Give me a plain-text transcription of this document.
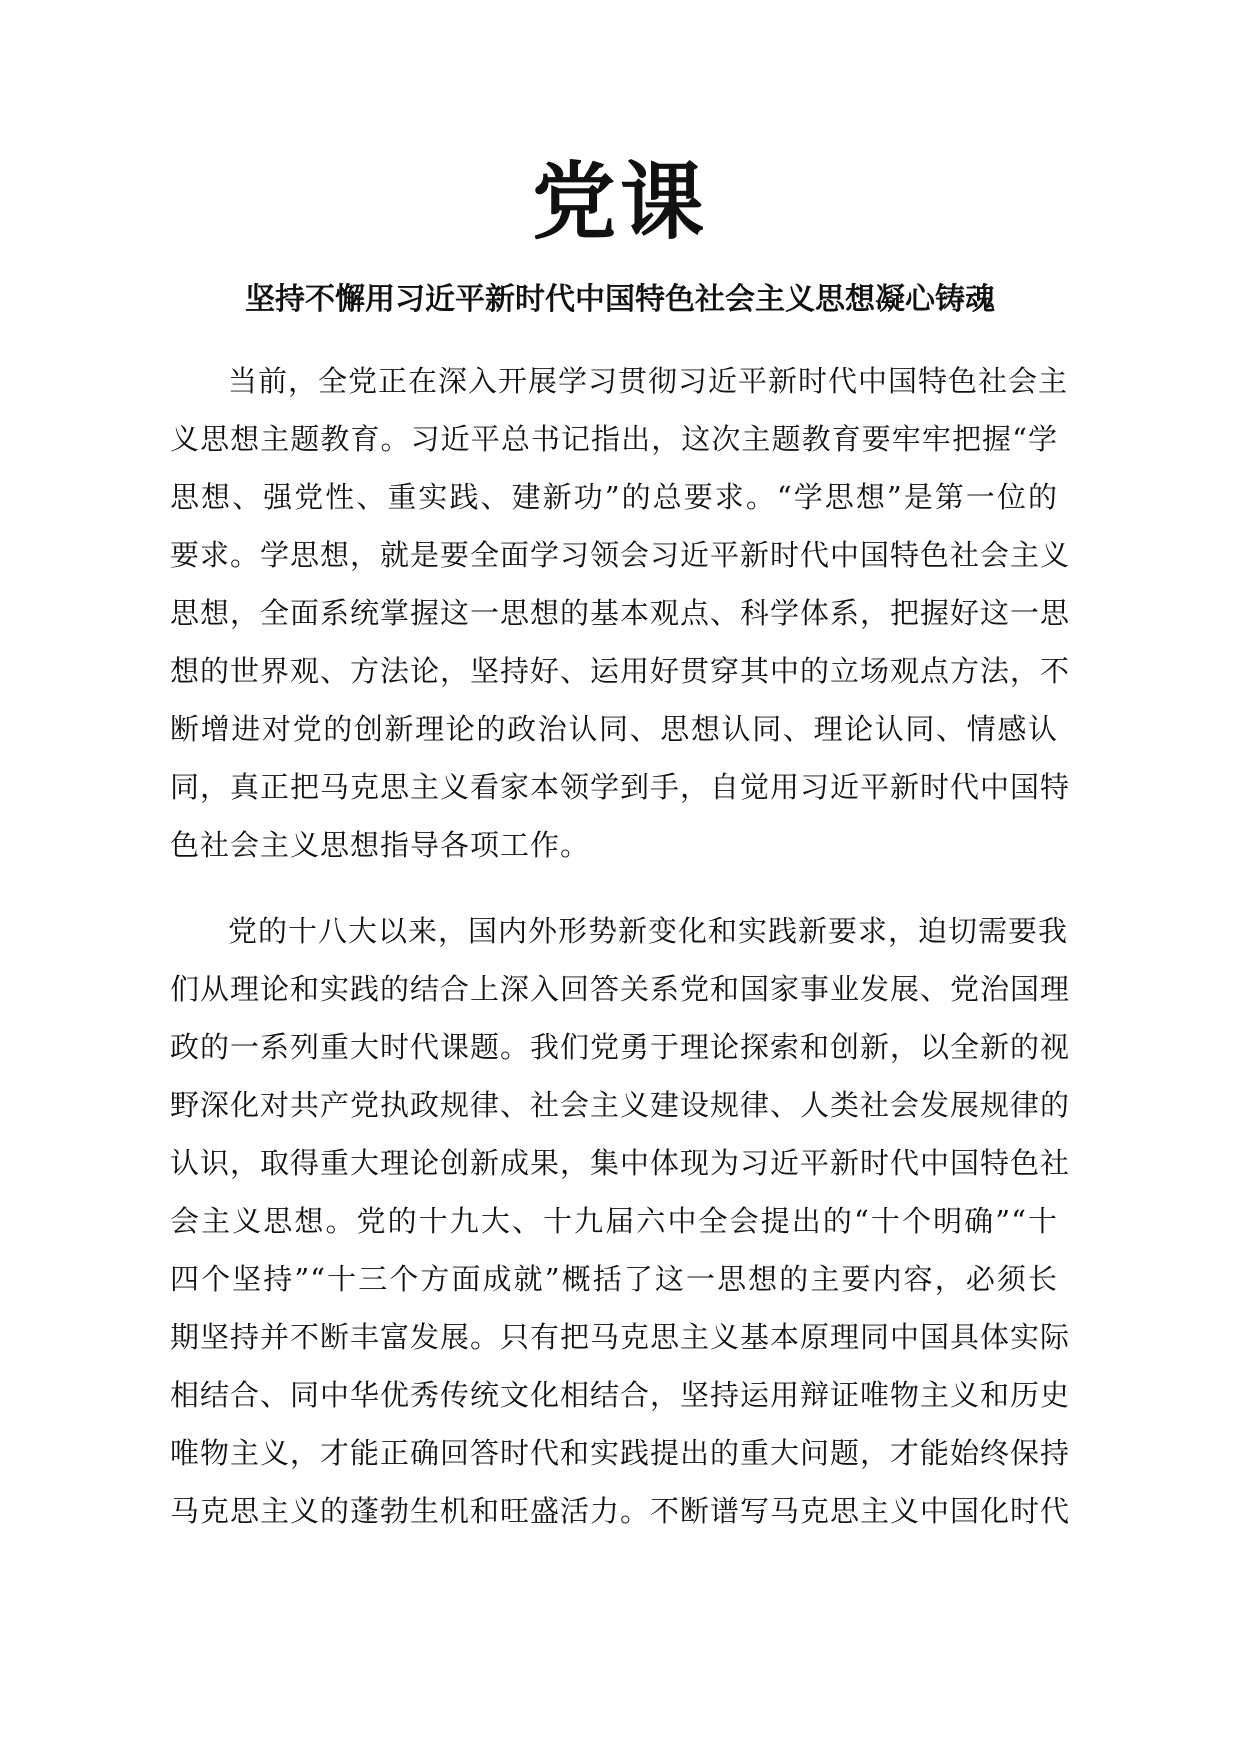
党课
坚持不懈用习近平新时代中国特色社会主义思想凝心铸魂
当前，全党正在深入开展学习贯彻习近平新时代中国特色社会主
义思想主题教育。习近平总书记指出，这次主题教育要牢牢把握“学
思想、强党性、重实践、建新功”的总要求。“学思想”是第一位的
要求。学思想，就是要全面学习领会习近平新时代中国特色社会主义
思想，全面系统掌握这一思想的基本观点、科学体系，把握好这一思
想的世界观、方法论，坚持好、运用好贯穿其中的立场观点方法，不
断增进对党的创新理论的政治认同、思想认同、理论认同、情感认
同，真正把马克思主义看家本领学到手，自觉用习近平新时代中国特
色社会主义思想指导各项工作。
党的十八大以来，国内外形势新变化和实践新要求，迫切需要我
们从理论和实践的结合上深入回答关系党和国家事业发展、党治国理
政的一系列重大时代课题。我们党勇于理论探索和创新，以全新的视
野深化对共产党执政规律、社会主义建设规律、人类社会发展规律的
认识，取得重大理论创新成果，集中体现为习近平新时代中国特色社
会主义思想。党的十九大、十九届六中全会提出的“十个明确”“十
四个坚持”“十三个方面成就”概括了这一思想的主要内容，必须长
期坚持并不断丰富发展。只有把马克思主义基本原理同中国具体实际
相结合、同中华优秀传统文化相结合，坚持运用辩证唯物主义和历史
唯物主义，才能正确回答时代和实践提出的重大问题，才能始终保持
马克思主义的蓬勃生机和旺盛活力。不断谱写马克思主义中国化时代
